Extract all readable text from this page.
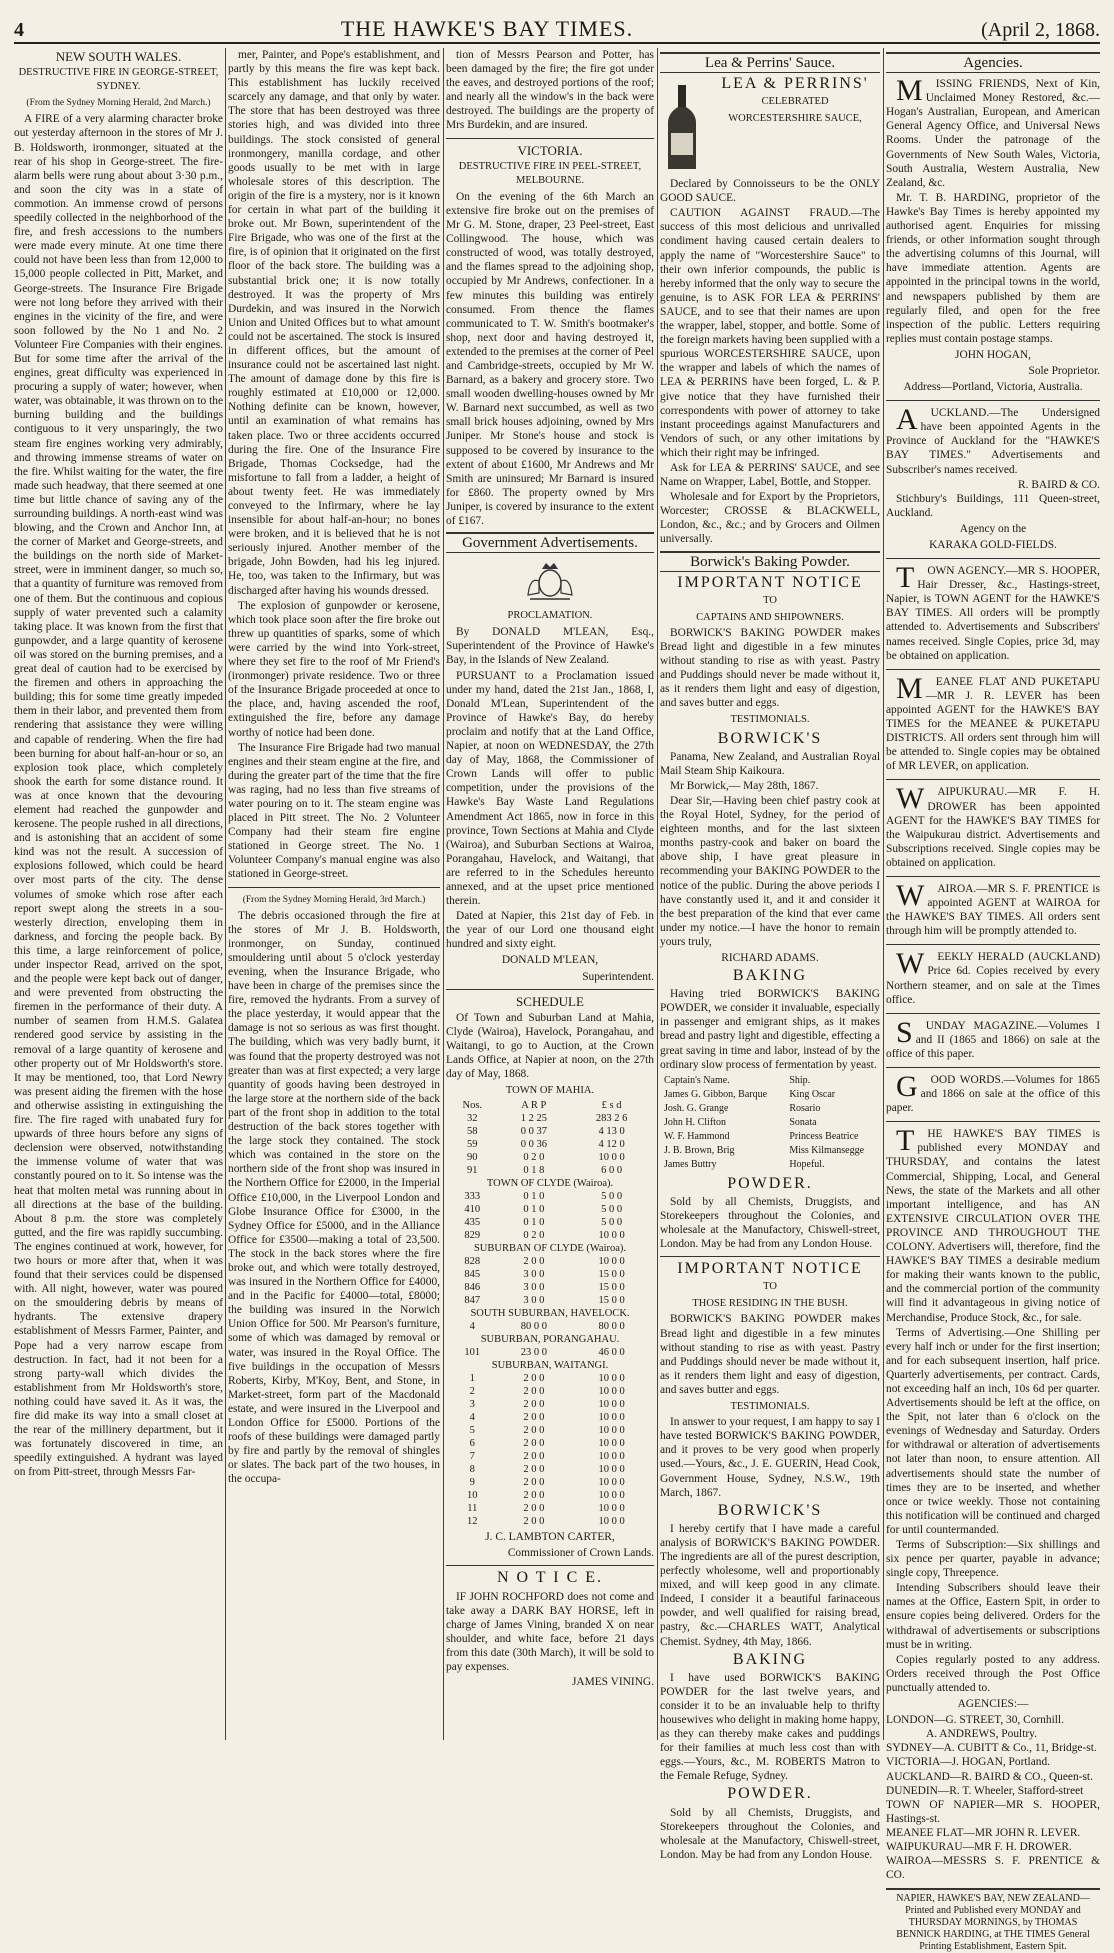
4	THE HAWKE'S BAY TIMES.	(April 2, 1868.
NEW SOUTH WALES.
DESTRUCTIVE FIRE IN GEORGE-STREET, SYDNEY.
(From the Sydney Morning Herald, 2nd March.)

A FIRE of a very alarming character broke out yesterday afternoon in the stores of Mr J. B. Holdsworth, ironmonger, situated at the rear of his shop in George-street. The fire-alarm bells were rung about about 3·30 p.m., and soon the city was in a state of commotion. An immense crowd of persons speedily collected in the neighborhood of the fire, and fresh accessions to the numbers were made every minute. At one time there could not have been less than from 12,000 to 15,000 people collected in Pitt, Market, and George-streets. The Insurance Fire Brigade were not long before they arrived with their engines in the vicinity of the fire, and were soon followed by the No 1 and No. 2 Volunteer Fire Companies with their engines. But for some time after the arrival of the engines, great difficulty was experienced in procuring a supply of water; however, when water, was obtainable, it was thrown on to the burning building and the buildings contiguous to it very unsparingly, the two steam fire engines working very admirably, and throwing immense streams of water on the fire. Whilst waiting for the water, the fire made such headway, that there seemed at one time but little chance of saving any of the surrounding buildings. A north-east wind was blowing, and the Crown and Anchor Inn, at the corner of Market and George-streets, and the buildings on the north side of Market-street, were in imminent danger, so much so, that a quantity of furniture was removed from one of them. But the continuous and copious supply of water prevented such a calamity taking place. It was known from the first that gunpowder, and a large quantity of kerosene oil was stored on the burning premises, and a great deal of caution had to be exercised by the firemen and others in approaching the building; this for some time greatly impeded them in their labor, and prevented them from rendering that assistance they were willing and capable of rendering. When the fire had been burning for about half-an-hour or so, an explosion took place, which completely shook the earth for some distance round. It was at once known that the devouring element had reached the gunpowder and kerosene. The people rushed in all directions, and is astonishing that an accident of some kind was not the result. A succession of explosions followed, which could be heard over most parts of the city. The dense volumes of smoke which rose after each report swept along the streets in a sou-westerly direction, enveloping them in darkness, and forcing the people back. By this time, a large reinforcement of police, under inspector Read, arrived on the spot, and the people were kept back out of danger, and were prevented from obstructing the firemen in the performance of their duty. A number of seamen from H.M.S. Galatea rendered good service by assisting in the removal of a large quantity of kerosene and other property out of Mr Holdsworth's store. It may be mentioned, too, that Lord Newry was present aiding the firemen with the hose and otherwise assisting in extinguishing the fire. The fire raged with unabated fury for upwards of three hours before any signs of declension were observed, notwithstanding the immense volume of water that was constantly poured on to it. So intense was the heat that molten metal was running about in all directions at the base of the building. About 8 p.m. the store was completely gutted, and the fire was rapidly succumbing. The engines continued at work, however, for two hours or more after that, when it was found that their services could be dispensed with. All night, however, water was poured on the smouldering debris by means of hydrants. The extensive drapery establishment of Messrs Farmer, Painter, and Pope had a very narrow escape from destruction. In fact, had it not been for a strong party-wall which divides the establishment from Mr Holdsworth's store, nothing could have saved it. As it was, the fire did make its way into a small closet at the rear of the millinery department, but it was fortunately discovered in time, an speedily extinguished. A hydrant was layed on from Pitt-street, through Messrs Far-

mer, Painter, and Pope's establishment, and partly by this means the fire was kept back. This establishment has luckily received scarcely any damage, and that only by water. The store that has been destroyed was three stories high, and was divided into three buildings. The stock consisted of general ironmongery, manilla cordage, and other goods usually to be met with in large wholesale stores of this description. The origin of the fire is a mystery, nor is it known for certain in what part of the building it broke out. Mr Bown, superintendent of the Fire Brigade, who was one of the first at the fire, is of opinion that it originated on the first floor of the back store. The building was a substantial brick one; it is now totally destroyed. It was the property of Mrs Durdekin, and was insured in the Norwich Union and United Offices but to what amount could not be ascertained. The stock is insured in different offices, but the amount of insurance could not be ascertained last night. The amount of damage done by this fire is roughly estimated at £10,000 or 12,000. Nothing definite can be known, however, until an examination of what remains has taken place. Two or three accidents occurred during the fire. One of the Insurance Fire Brigade, Thomas Cocksedge, had the misfortune to fall from a ladder, a height of about twenty feet. He was immediately conveyed to the Infirmary, where he lay insensible for about half-an-hour; no bones were broken, and it is believed that he is not seriously injured. Another member of the brigade, John Bowden, had his leg injured. He, too, was taken to the Infirmary, but was discharged after having his wounds dressed.

The explosion of gunpowder or kerosene, which took place soon after the fire broke out threw up quantities of sparks, some of which were carried by the wind into York-street, where they set fire to the roof of Mr Friend's (ironmonger) private residence. Two or three of the Insurance Brigade proceeded at once to the place, and, having ascended the roof, extinguished the fire, before any damage worthy of notice had been done.

The Insurance Fire Brigade had two manual engines and their steam engine at the fire, and during the greater part of the time that the fire was raging, had no less than five streams of water pouring on to it. The steam engine was placed in Pitt street. The No. 2 Volunteer Company had their steam fire engine stationed in George street. The No. 1 Volunteer Company's manual engine was also stationed in George-street.

(From the Sydney Morning Herald, 3rd March.)

The debris occasioned through the fire at the stores of Mr J. B. Holdsworth, ironmonger, on Sunday, continued smouldering until about 5 o'clock yesterday evening, when the Insurance Brigade, who have been in charge of the premises since the fire, removed the hydrants. From a survey of the place yesterday, it would appear that the damage is not so serious as was first thought. The building, which was very badly burnt, it was found that the property destroyed was not greater than was at first expected; a very large quantity of goods having been destroyed in the large store at the northern side of the back part of the front shop in addition to the total destruction of the back stores together with the large stock they contained. The stock which was contained in the store on the northern side of the front shop was insured in the Northern Office for £2000, in the Imperial Office £10,000, in the Liverpool London and Globe Insurance Office for £3000, in the Sydney Office for £5000, and in the Alliance Office for £3500—making a total of 23,500. The stock in the back stores where the fire broke out, and which were totally destroyed, was insured in the Northern Office for £4000, and in the Pacific for £4000—total, £8000; the building was insured in the Norwich Union Office for 500. Mr Pearson's furniture, some of which was damaged by removal or water, was insured in the Royal Office. The five buildings in the occupation of Messrs Roberts, Kirby, M'Koy, Bent, and Stone, in Market-street, form part of the Macdonald estate, and were insured in the Liverpool and London Office for £5000. Portions of the roofs of these buildings were damaged partly by fire and partly by the removal of shingles or slates. The back part of the two houses, in the occupa-

tion of Messrs Pearson and Potter, has been damaged by the fire; the fire got under the eaves, and destroyed portions of the roof; and nearly all the window's in the back were destroyed. The buildings are the property of Mrs Burdekin, and are insured.

VICTORIA.
DESTRUCTIVE FIRE IN PEEL-STREET, MELBOURNE.

On the evening of the 6th March an extensive fire broke out on the premises of Mr G. M. Stone, draper, 23 Peel-street, East Collingwood. The house, which was constructed of wood, was totally destroyed, and the flames spread to the adjoining shop, occupied by Mr Andrews, confectioner. In a few minutes this building was entirely consumed. From thence the flames communicated to T. W. Smith's bootmaker's shop, next door and having destroyed it, extended to the premises at the corner of Peel and Cambridge-streets, occupied by Mr W. Barnard, as a bakery and grocery store. Two small wooden dwelling-houses owned by Mr W. Barnard next succumbed, as well as two small brick houses adjoining, owned by Mrs Juniper. Mr Stone's house and stock is supposed to be covered by insurance to the extent of about £1600, Mr Andrews and Mr Smith are uninsured; Mr Barnard is insured for £860. The property owned by Mrs Juniper, is covered by insurance to the extent of £167.

Government Advertisements.
PROCLAMATION.

By DONALD M'LEAN, Esq., Superintendent of the Province of Hawke's Bay, in the Islands of New Zealand.

PURSUANT to a Proclamation issued under my hand, dated the 21st Jan., 1868, I, Donald M'Lean, Superintendent of the Province of Hawke's Bay, do hereby proclaim and notify that at the Land Office, Napier, at noon on WEDNESDAY, the 27th day of May, 1868, the Commissioner of Crown Lands will offer to public competition, under the provisions of the Hawke's Bay Waste Land Regulations Amendment Act 1865, now in force in this province, Town Sections at Mahia and Clyde (Wairoa), and Suburban Sections at Wairoa, Porangahau, Havelock, and Waitangi, that are referred to in the Schedules hereunto annexed, and at the upset price mentioned therein.

Dated at Napier, this 21st day of Feb. in the year of our Lord one thousand eight hundred and sixty eight.

DONALD M'LEAN,
Superintendent.
SCHEDULE

Of Town and Suburban Land at Mahia, Clyde (Wairoa), Havelock, Porangahau, and Waitangi, to go to Auction, at the Crown Lands Office, at Napier at noon, on the 27th day of May, 1868.

TOWN OF MAHIA.
Nos.	A R P	£ s d
32	1 2 25	283 2 6
58	0 0 37	4 13 0
59	0 0 36	4 12 0
90	0 2 0	10 0 0
91	0 1 8	6 0 0
TOWN OF CLYDE (Wairoa).		
333	0 1 0	5 0 0
410	0 1 0	5 0 0
435	0 1 0	5 0 0
829	0 2 0	10 0 0
SUBURBAN OF CLYDE (Wairoa).		
828	2 0 0	10 0 0
845	3 0 0	15 0 0
846	3 0 0	15 0 0
847	3 0 0	15 0 0
SOUTH SUBURBAN, HAVELOCK.		
4	80 0 0	80 0 0
SUBURBAN, PORANGAHAU.		
101	23 0 0	46 0 0
SUBURBAN, WAITANGI.		
1	2 0 0	10 0 0
2	2 0 0	10 0 0
3	2 0 0	10 0 0
4	2 0 0	10 0 0
5	2 0 0	10 0 0
6	2 0 0	10 0 0
7	2 0 0	10 0 0
8	2 0 0	10 0 0
9	2 0 0	10 0 0
10	2 0 0	10 0 0
11	2 0 0	10 0 0
12	2 0 0	10 0 0
J. C. LAMBTON CARTER,
Commissioner of Crown Lands.
N O T I C E.

IF JOHN ROCHFORD does not come and take away a DARK BAY HORSE, left in charge of James Vining, branded X on near shoulder, and white face, before 21 days from this date (30th March), it will be sold to pay expenses.

JAMES VINING.
Lea & Perrins' Sauce.
LEA & PERRINS'
CELEBRATED
WORCESTERSHIRE SAUCE,

Declared by Connoisseurs to be the ONLY GOOD SAUCE.

CAUTION AGAINST FRAUD.—The success of this most delicious and unrivalled condiment having caused certain dealers to apply the name of "Worcestershire Sauce" to their own inferior compounds, the public is hereby informed that the only way to secure the genuine, is to ASK FOR LEA & PERRINS' SAUCE, and to see that their names are upon the wrapper, label, stopper, and bottle. Some of the foreign markets having been supplied with a spurious WORCESTERSHIRE SAUCE, upon the wrapper and labels of which the names of LEA & PERRINS have been forged, L. & P. give notice that they have furnished their correspondents with power of attorney to take instant proceedings against Manufacturers and Vendors of such, or any other imitations by which their right may be infringed.

Ask for LEA & PERRINS' SAUCE, and see Name on Wrapper, Label, Bottle, and Stopper.

Wholesale and for Export by the Proprietors, Worcester; CROSSE & BLACKWELL, London, &c., &c.; and by Grocers and Oilmen universally.

Borwick's Baking Powder.
IMPORTANT NOTICE
TO
CAPTAINS AND SHIPOWNERS.

BORWICK'S BAKING POWDER makes Bread light and digestible in a few minutes without standing to rise as with yeast. Pastry and Puddings should never be made without it, as it renders them light and easy of digestion, and saves butter and eggs.

TESTIMONIALS.
BORWICK'S

Panama, New Zealand, and Australian Royal Mail Steam Ship Kaikoura.

Mr Borwick,— May 28th, 1867.

Dear Sir,—Having been chief pastry cook at the Royal Hotel, Sydney, for the period of eighteen months, and for the last sixteen months pastry-cook and baker on board the above ship, I have great pleasure in recommending your BAKING POWDER to the notice of the public. During the above periods I have constantly used it, and it and consider it the best preparation of the kind that ever came under my notice.—I have the honor to remain yours truly,

RICHARD ADAMS.
BAKING

Having tried BORWICK'S BAKING POWDER, we consider it invaluable, especially in passenger and emigrant ships, as it makes bread and pastry light and digestible, effecting a great saving in time and labor, instead of by the ordinary slow process of fermentation by yeast.

Captain's Name.	Ship.
James G. Gibbon, Barque	King Oscar
Josh. G. Grange	Rosario
John H. Clifton	Sonata
W. F. Hammond	Princess Beatrice
J. B. Brown, Brig	Miss Kilmansegge
James Buttry	Hopeful.
POWDER.

Sold by all Chemists, Druggists, and Storekeepers throughout the Colonies, and wholesale at the Manufactory, Chiswell-street, London. May be had from any London House.

IMPORTANT NOTICE
TO
THOSE RESIDING IN THE BUSH.

BORWICK'S BAKING POWDER makes Bread light and digestible in a few minutes without standing to rise as with yeast. Pastry and Puddings should never be made without it, as it renders them light and easy of digestion, and saves butter and eggs.

TESTIMONIALS.

In answer to your request, I am happy to say I have tested BORWICK'S BAKING POWDER, and it proves to be very good when properly used.—Yours, &c., J. E. GUERIN, Head Cook, Government House, Sydney, N.S.W., 19th March, 1867.

BORWICK'S

I hereby certify that I have made a careful analysis of BORWICK'S BAKING POWDER. The ingredients are all of the purest description, perfectly wholesome, well and proportionably mixed, and will keep good in any climate. Indeed, I consider it a beautiful farinaceous powder, and well qualified for raising bread, pastry, &c.—CHARLES WATT, Analytical Chemist. Sydney, 4th May, 1866.

BAKING

I have used BORWICK'S BAKING POWDER for the last twelve years, and consider it to be an invaluable help to thrifty housewives who delight in making home happy, as they can thereby make cakes and puddings for their families at much less cost than with eggs.—Yours, &c., M. ROBERTS Matron to the Female Refuge, Sydney.

POWDER.

Sold by all Chemists, Druggists, and Storekeepers throughout the Colonies, and wholesale at the Manufactory, Chiswell-street, London. May be had from any London House.

Agencies.

MISSING FRIENDS, Next of Kin, Unclaimed Money Restored, &c.—Hogan's Australian, European, and American General Agency Office, and Universal News Rooms. Under the patronage of the Governments of New South Wales, Victoria, South Australia, Western Australia, New Zealand, &c.

Mr. T. B. HARDING, proprietor of the Hawke's Bay Times is hereby appointed my authorised agent. Enquiries for missing friends, or other information sought through the advertising columns of this Journal, will have immediate attention. Agents are appointed in the principal towns in the world, and newspapers published by them are regularly filed, and open for the free inspection of the public. Letters requiring replies must contain postage stamps.

JOHN HOGAN,
Sole Proprietor.
Address—Portland, Victoria, Australia.

AUCKLAND.—The Undersigned have been appointed Agents in the Province of Auckland for the "HAWKE'S BAY TIMES." Advertisements and Subscriber's names received.

R. BAIRD & CO.

Stichbury's Buildings, 111 Queen-street, Auckland.

Agency on the
KARAKA GOLD-FIELDS.

TOWN AGENCY.—MR S. HOOPER, Hair Dresser, &c., Hastings-street, Napier, is TOWN AGENT for the HAWKE'S BAY TIMES. All orders will be promptly attended to. Advertisements and Subscribers' names received. Single Copies, price 3d, may be obtained on application.

MEANEE FLAT AND PUKETAPU —MR J. R. LEVER has been appointed AGENT for the HAWKE'S BAY TIMES for the MEANEE & PUKETAPU DISTRICTS. All orders sent through him will be attended to. Single copies may be obtained of MR LEVER, on application.

WAIPUKURAU.—MR F. H. DROWER has been appointed AGENT for the HAWKE'S BAY TIMES for the Waipukurau district. Advertisements and Subscriptions received. Single copies may be obtained on application.

WAIROA.—MR S. F. PRENTICE is appointed AGENT at WAIROA for the HAWKE'S BAY TIMES. All orders sent through him will be promptly attended to.

WEEKLY HERALD (AUCKLAND) Price 6d. Copies received by every Northern steamer, and on sale at the Times office.

SUNDAY MAGAZINE.—Volumes I and II (1865 and 1866) on sale at the office of this paper.

GOOD WORDS.—Volumes for 1865 and 1866 on sale at the office of this paper.

THE HAWKE'S BAY TIMES is published every MONDAY and THURSDAY, and contains the latest Commercial, Shipping, Local, and General News, the state of the Markets and all other important intelligence, and has AN EXTENSIVE CIRCULATION OVER THE PROVINCE AND THROUGHOUT THE COLONY. Advertisers will, therefore, find the HAWKE'S BAY TIMES a desirable medium for making their wants known to the public, and the commercial portion of the community will find it advantageous in giving notice of Merchandise, Produce Stock, &c., for sale.

Terms of Advertising.—One Shilling per every half inch or under for the first insertion; and for each subsequent insertion, half price. Quarterly advertisements, per contract. Cards, not exceeding half an inch, 10s 6d per quarter. Advertisements should be left at the office, on the Spit, not later than 6 o'clock on the evenings of Wednesday and Saturday. Orders for withdrawal or alteration of advertisements not later than noon, to ensure attention. All advertisements should state the number of times they are to be inserted, and whether once or twice weekly. Those not containing this notification will be continued and charged for until countermanded.

Terms of Subscription:—Six shillings and six pence per quarter, payable in advance; single copy, Threepence.

Intending Subscribers should leave their names at the Office, Eastern Spit, in order to ensure copies being delivered. Orders for the withdrawal of advertisements or subscriptions must be in writing.

Copies regularly posted to any address. Orders received through the Post Office punctually attended to.

AGENCIES:—
LONDON—G. STREET, 30, Cornhill.
A. ANDREWS, Poultry.
SYDNEY—A. CUBITT & Co., 11, Bridge-st.
VICTORIA—J. HOGAN, Portland.
AUCKLAND—R. BAIRD & CO., Queen-st.
DUNEDIN—R. T. Wheeler, Stafford-street
TOWN OF NAPIER—MR S. HOOPER, Hastings-st.
MEANEE FLAT—MR JOHN R. LEVER.
WAIPUKURAU—MR F. H. DROWER.
WAIROA—MESSRS S. F. PRENTICE & CO.
NAPIER, HAWKE'S BAY, NEW ZEALAND—Printed and Published every MONDAY and THURSDAY MORNINGS, by THOMAS BENNICK HARDING, at THE TIMES General Printing Establishment, Eastern Spit.
